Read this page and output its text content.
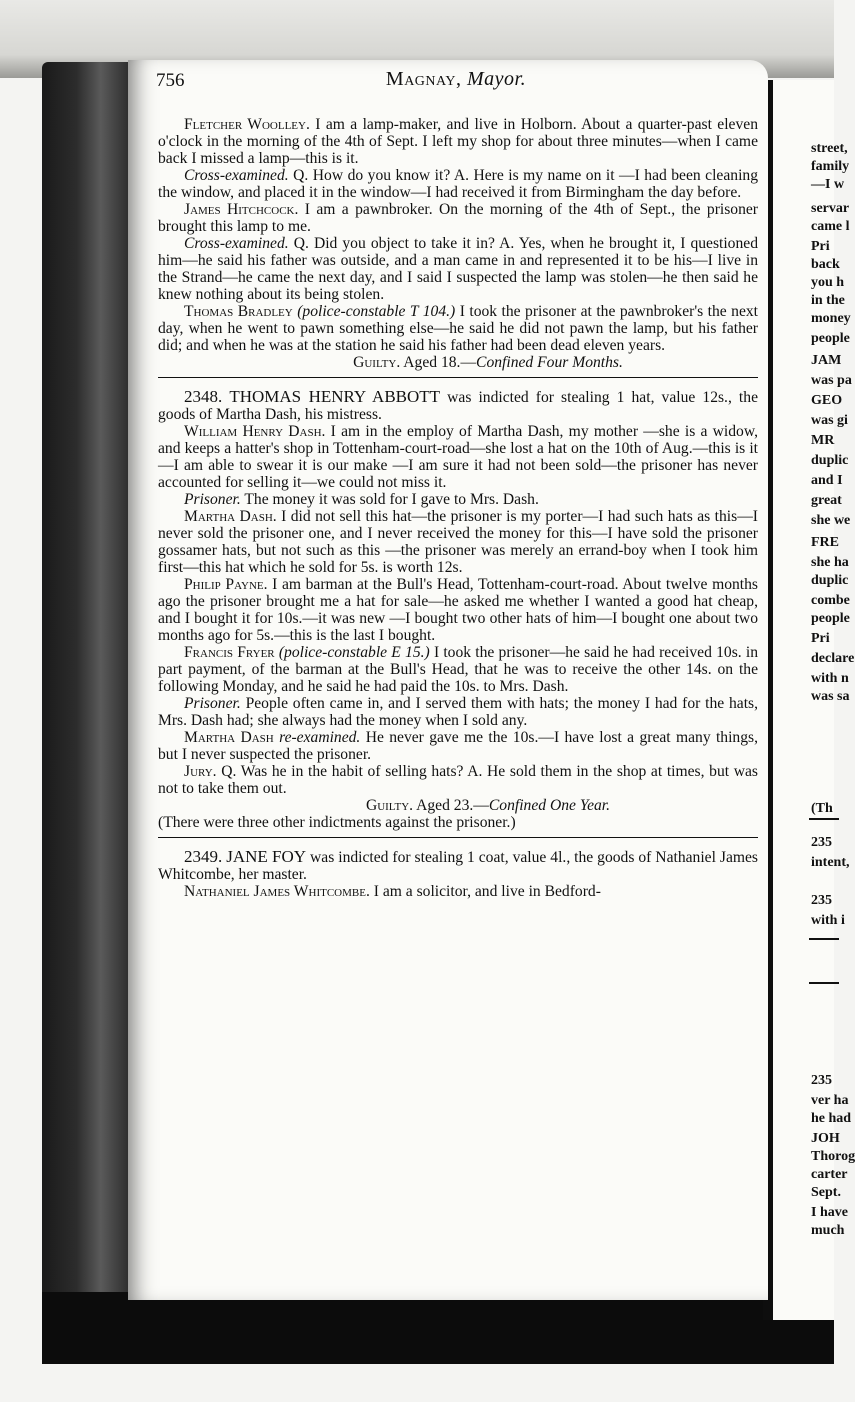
street,
family
—I w
servar
came l
Pri
back
you h
in the
money
people
JAM
was pa
GEO
was gi
MR
duplic
and I
great
she we
FRE
she ha
duplic
combe
people
Pri
declare
with n
was sa
(Th
235
intent,
235
with i
235
ver ha
he had
JOH
Thorog
carter
Sept.
I have
much
756	Magnay, Mayor.

Fletcher Woolley. I am a lamp-maker, and live in Holborn. About a quarter-past eleven o'clock in the morning of the 4th of Sept. I left my shop for about three minutes—when I came back I missed a lamp—this is it.

Cross-examined. Q. How do you know it? A. Here is my name on it —I had been cleaning the window, and placed it in the window—I had received it from Birmingham the day before.

James Hitchcock. I am a pawnbroker. On the morning of the 4th of Sept., the prisoner brought this lamp to me.

Cross-examined. Q. Did you object to take it in? A. Yes, when he brought it, I questioned him—he said his father was outside, and a man came in and represented it to be his—I live in the Strand—he came the next day, and I said I suspected the lamp was stolen—he then said he knew nothing about its being stolen.

Thomas Bradley (police-constable T 104.) I took the prisoner at the pawnbroker's the next day, when he went to pawn something else—he said he did not pawn the lamp, but his father did; and when he was at the station he said his father had been dead eleven years.

Guilty. Aged 18.—Confined Four Months.

2348. THOMAS HENRY ABBOTT was indicted for stealing 1 hat, value 12s., the goods of Martha Dash, his mistress.

William Henry Dash. I am in the employ of Martha Dash, my mother —she is a widow, and keeps a hatter's shop in Tottenham-court-road—she lost a hat on the 10th of Aug.—this is it—I am able to swear it is our make —I am sure it had not been sold—the prisoner has never accounted for selling it—we could not miss it.

Prisoner. The money it was sold for I gave to Mrs. Dash.

Martha Dash. I did not sell this hat—the prisoner is my porter—I had such hats as this—I never sold the prisoner one, and I never received the money for this—I have sold the prisoner gossamer hats, but not such as this —the prisoner was merely an errand-boy when I took him first—this hat which he sold for 5s. is worth 12s.

Philip Payne. I am barman at the Bull's Head, Tottenham-court-road. About twelve months ago the prisoner brought me a hat for sale—he asked me whether I wanted a good hat cheap, and I bought it for 10s.—it was new —I bought two other hats of him—I bought one about two months ago for 5s.—this is the last I bought.

Francis Fryer (police-constable E 15.) I took the prisoner—he said he had received 10s. in part payment, of the barman at the Bull's Head, that he was to receive the other 14s. on the following Monday, and he said he had paid the 10s. to Mrs. Dash.

Prisoner. People often came in, and I served them with hats; the money I had for the hats, Mrs. Dash had; she always had the money when I sold any.

Martha Dash re-examined. He never gave me the 10s.—I have lost a great many things, but I never suspected the prisoner.

Jury. Q. Was he in the habit of selling hats? A. He sold them in the shop at times, but was not to take them out.

Guilty. Aged 23.—Confined One Year.

(There were three other indictments against the prisoner.)

2349. JANE FOY was indicted for stealing 1 coat, value 4l., the goods of Nathaniel James Whitcombe, her master.

Nathaniel James Whitcombe. I am a solicitor, and live in Bedford-
